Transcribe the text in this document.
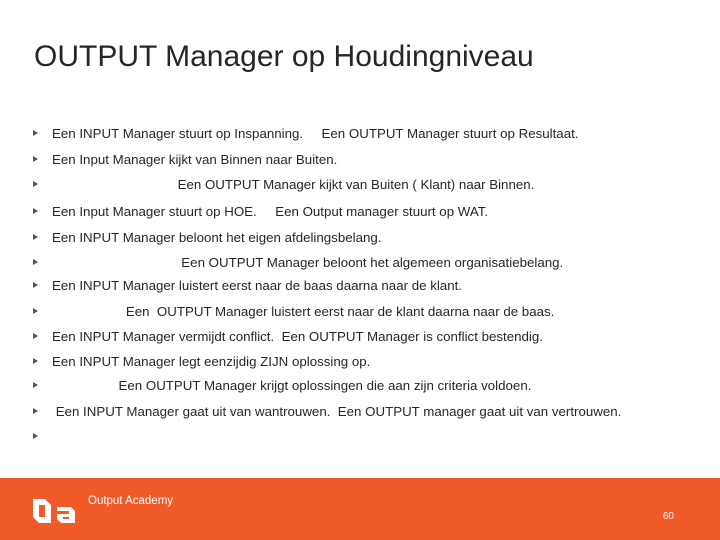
OUTPUT Manager op Houdingniveau
Een INPUT Manager stuurt op Inspanning.     Een OUTPUT Manager stuurt op Resultaat.
Een Input Manager kijkt van Binnen naar Buiten.
Een OUTPUT Manager kijkt van Buiten ( Klant) naar Binnen.
Een Input Manager stuurt op HOE.     Een Output manager stuurt op WAT.
Een INPUT Manager beloont het eigen afdelingsbelang.
Een OUTPUT Manager beloont het algemeen organisatiebelang.
Een INPUT Manager luistert eerst naar de baas daarna naar de klant.
Een  OUTPUT Manager luistert eerst naar de klant daarna naar de baas.
Een INPUT Manager vermijdt conflict.  Een OUTPUT Manager is conflict bestendig.
Een INPUT Manager legt eenzijdig ZIJN oplossing op.
Een OUTPUT Manager krijgt oplossingen die aan zijn criteria voldoen.
Een INPUT Manager gaat uit van wantrouwen.  Een OUTPUT manager gaat uit van vertrouwen.
Output Academy
60
